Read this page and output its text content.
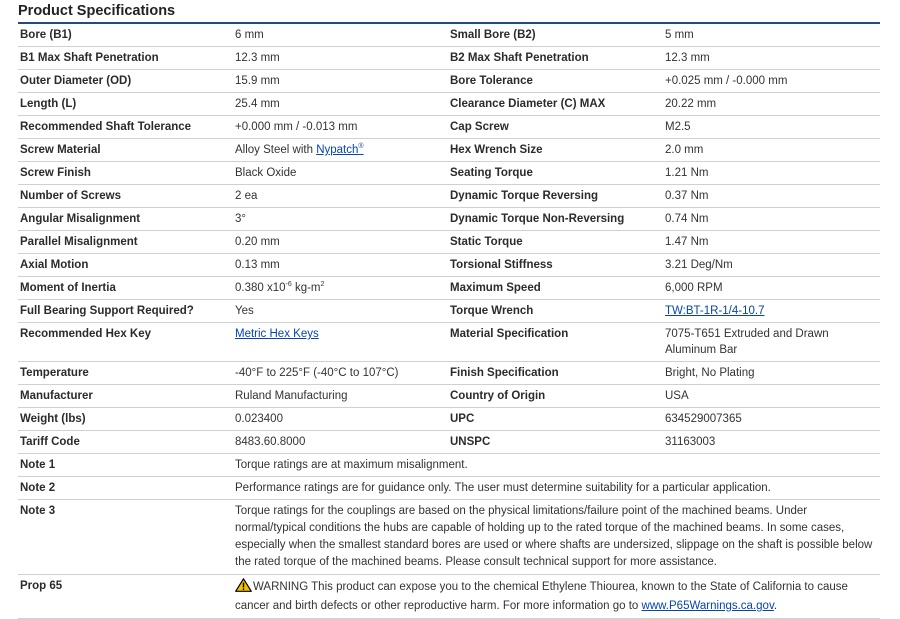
Product Specifications
Bore (B1)	6 mm	Small Bore (B2)	5 mm
B1 Max Shaft Penetration	12.3 mm	B2 Max Shaft Penetration	12.3 mm
Outer Diameter (OD)	15.9 mm	Bore Tolerance	+0.025 mm / -0.000 mm
Length (L)	25.4 mm	Clearance Diameter (C) MAX	20.22 mm
Recommended Shaft Tolerance	+0.000 mm / -0.013 mm	Cap Screw	M2.5
Screw Material	Alloy Steel with Nypatch®	Hex Wrench Size	2.0 mm
Screw Finish	Black Oxide	Seating Torque	1.21 Nm
Number of Screws	2 ea	Dynamic Torque Reversing	0.37 Nm
Angular Misalignment	3°	Dynamic Torque Non-Reversing	0.74 Nm
Parallel Misalignment	0.20 mm	Static Torque	1.47 Nm
Axial Motion	0.13 mm	Torsional Stiffness	3.21 Deg/Nm
Moment of Inertia	0.380 $x10^{-6}$ $kg-m^2$	Maximum Speed	6,000 RPM
Full Bearing Support Required?	Yes	Torque Wrench	TW:BT-1R-1/4-10.7
Recommended Hex Key	Metric Hex Keys	Material Specification	7075-T651 Extruded and Drawn Aluminum Bar
Temperature	-40°F to 225°F (-40°C to 107°C)	Finish Specification	Bright, No Plating
Manufacturer	Ruland Manufacturing	Country of Origin	USA
Weight (lbs)	0.023400	UPC	634529007365
Tariff Code	8483.60.8000	UNSPC	31163003
Note 1	Torque ratings are at maximum misalignment.		
Note 2	Performance ratings are for guidance only. The user must determine suitability for a particular application.		
Note 3	Torque ratings for the couplings are based on the physical limitations/failure point of the machined beams. Under normal/typical conditions the hubs are capable of holding up to the rated torque of the machined beams. In some cases, especially when the smallest standard bores are used or where shafts are undersized, slippage on the shaft is possible below the rated torque of the machined beams. Please consult technical support for more assistance.		
Prop 65	WARNING This product can expose you to the chemical Ethylene Thiourea, known to the State of California to cause cancer and birth defects or other reproductive harm. For more information go to www.P65Warnings.ca.gov.		
